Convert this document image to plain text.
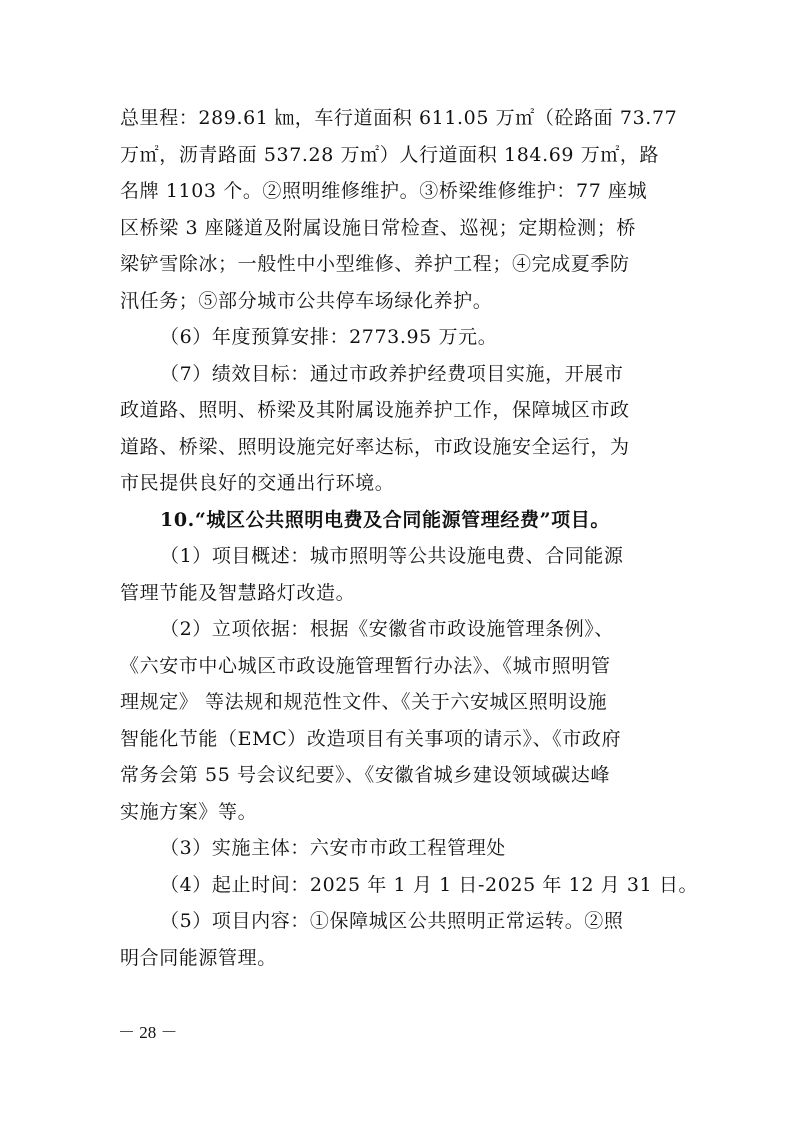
总里程：289.61 ㎞，车行道面积 611.05 万㎡（砼路面 73.77
万㎡，沥青路面 537.28 万㎡）人行道面积 184.69 万㎡，路
名牌 1103 个。②照明维修维护。③桥梁维修维护：77 座城
区桥梁 3 座隧道及附属设施日常检查、巡视；定期检测；桥
梁铲雪除冰；一般性中小型维修、养护工程；④完成夏季防
汛任务；⑤部分城市公共停车场绿化养护。
（6）年度预算安排：2773.95 万元。
（7）绩效目标：通过市政养护经费项目实施，开展市
政道路、照明、桥梁及其附属设施养护工作，保障城区市政
道路、桥梁、照明设施完好率达标，市政设施安全运行，为
市民提供良好的交通出行环境。
10.“城区公共照明电费及合同能源管理经费”项目。
（1）项目概述：城市照明等公共设施电费、合同能源
管理节能及智慧路灯改造。
（2）立项依据：根据《安徽省市政设施管理条例》、
《六安市中心城区市政设施管理暂行办法》、《城市照明管
理规定》 等法规和规范性文件、《关于六安城区照明设施
智能化节能（EMC）改造项目有关事项的请示》、《市政府
常务会第 55 号会议纪要》、《安徽省城乡建设领域碳达峰
实施方案》等。
（3）实施主体：六安市市政工程管理处
（4）起止时间：2025 年 1 月 1 日-2025 年 12 月 31 日。
（5）项目内容：①保障城区公共照明正常运转。②照
明合同能源管理。
－ 28 －
